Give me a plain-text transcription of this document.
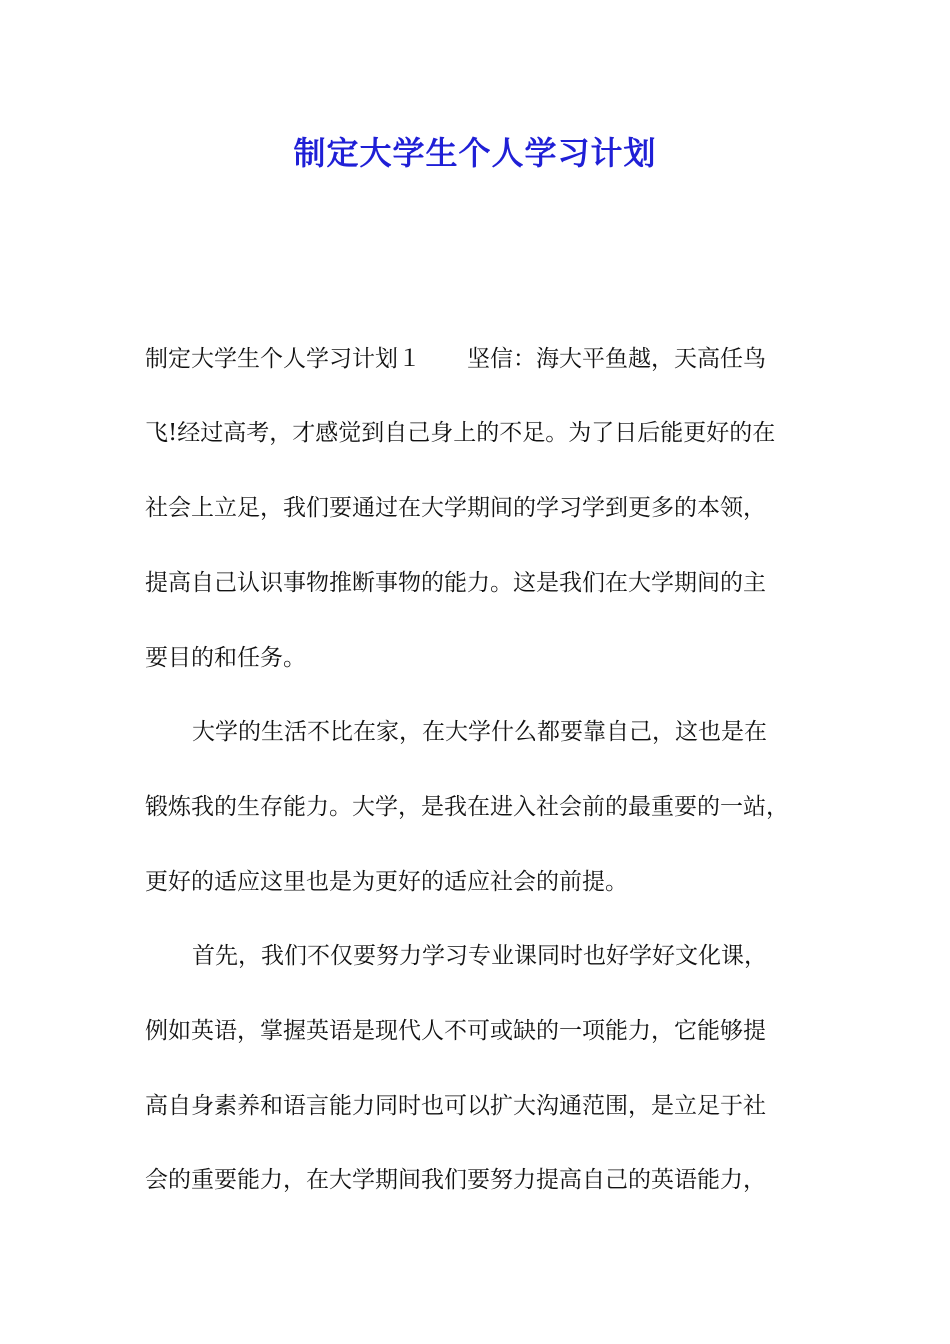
制定大学生个人学习计划

制定大学生个人学习计划１　　坚信：海大平鱼越，天高任鸟

飞!经过高考，才感觉到自己身上的不足。为了日后能更好的在

社会上立足，我们要通过在大学期间的学习学到更多的本领，

提高自己认识事物推断事物的能力。这是我们在大学期间的主

要目的和任务。

大学的生活不比在家，在大学什么都要靠自己，这也是在

锻炼我的生存能力。大学，是我在进入社会前的最重要的一站，

更好的适应这里也是为更好的适应社会的前提。

首先，我们不仅要努力学习专业课同时也好学好文化课，

例如英语，掌握英语是现代人不可或缺的一项能力，它能够提

高自身素养和语言能力同时也可以扩大沟通范围，是立足于社

会的重要能力，在大学期间我们要努力提高自己的英语能力，
